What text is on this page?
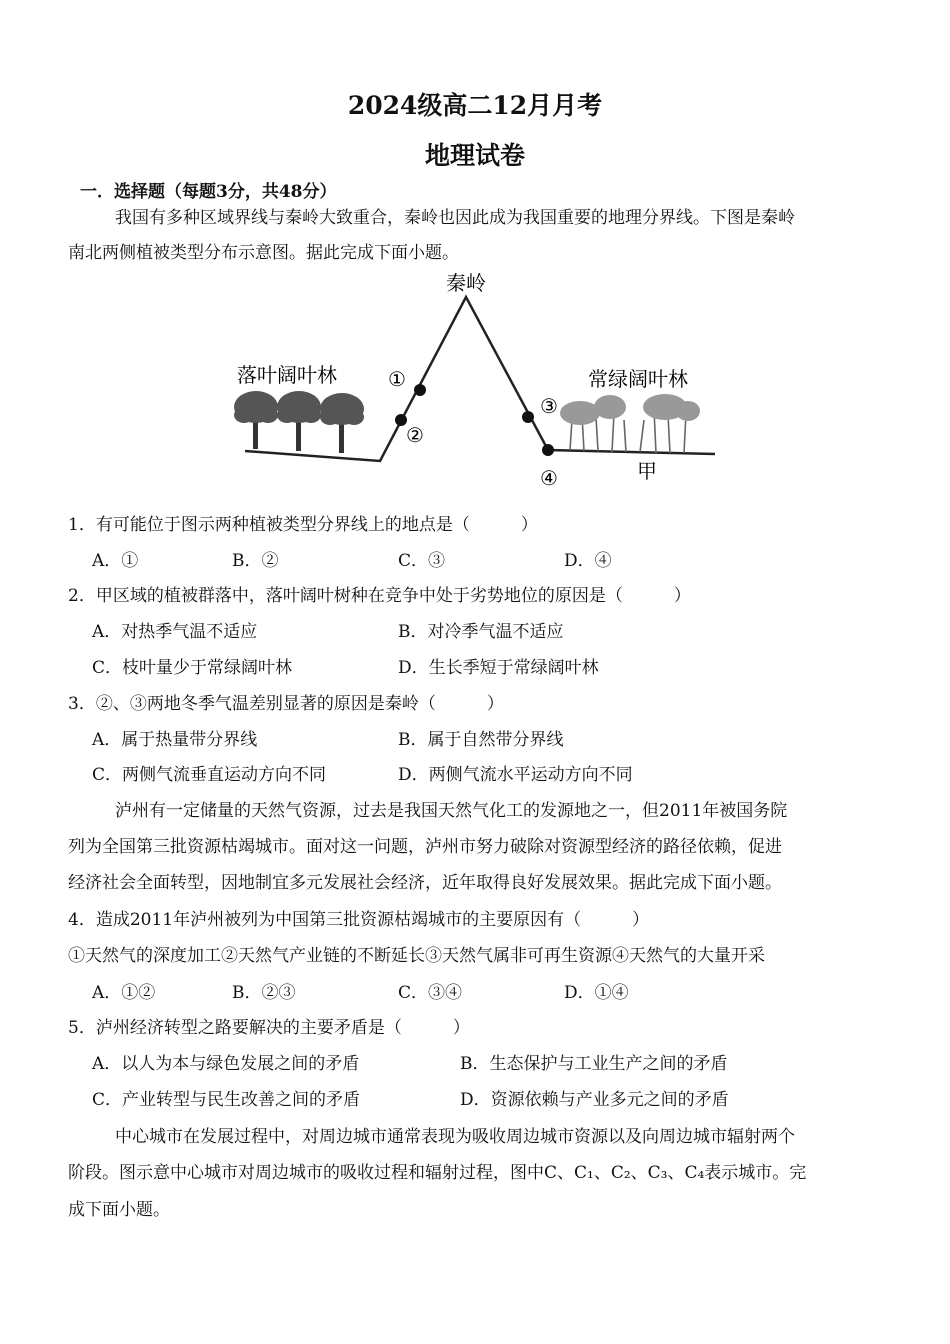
2024级高二12月月考
地理试卷
一．选择题（每题3分，共48分）
我国有多种区域界线与秦岭大致重合，秦岭也因此成为我国重要的地理分界线。下图是秦岭
南北两侧植被类型分布示意图。据此完成下面小题。
秦岭
落叶阔叶林	常绿阔叶林
①
②
③
④	甲
1．有可能位于图示两种植被类型分界线上的地点是（　　　）
A．①	B．②	C．③	D．④
2．甲区域的植被群落中，落叶阔叶树种在竞争中处于劣势地位的原因是（　　　）
A．对热季气温不适应	B．对冷季气温不适应
C．枝叶量少于常绿阔叶林	D．生长季短于常绿阔叶林
3．②、③两地冬季气温差别显著的原因是秦岭（　　　）
A．属于热量带分界线	B．属于自然带分界线
C．两侧气流垂直运动方向不同	D．两侧气流水平运动方向不同
泸州有一定储量的天然气资源，过去是我国天然气化工的发源地之一，但2011年被国务院
列为全国第三批资源枯竭城市。面对这一问题，泸州市努力破除对资源型经济的路径依赖，促进
经济社会全面转型，因地制宜多元发展社会经济，近年取得良好发展效果。据此完成下面小题。
4．造成2011年泸州被列为中国第三批资源枯竭城市的主要原因有（　　　）
①天然气的深度加工②天然气产业链的不断延长③天然气属非可再生资源④天然气的大量开采
A．①②	B．②③	C．③④	D．①④
5．泸州经济转型之路要解决的主要矛盾是（　　　）
A．以人为本与绿色发展之间的矛盾	B．生态保护与工业生产之间的矛盾
C．产业转型与民生改善之间的矛盾	D．资源依赖与产业多元之间的矛盾
中心城市在发展过程中，对周边城市通常表现为吸收周边城市资源以及向周边城市辐射两个
阶段。图示意中心城市对周边城市的吸收过程和辐射过程，图中C、C₁、C₂、C₃、C₄表示城市。完
成下面小题。
